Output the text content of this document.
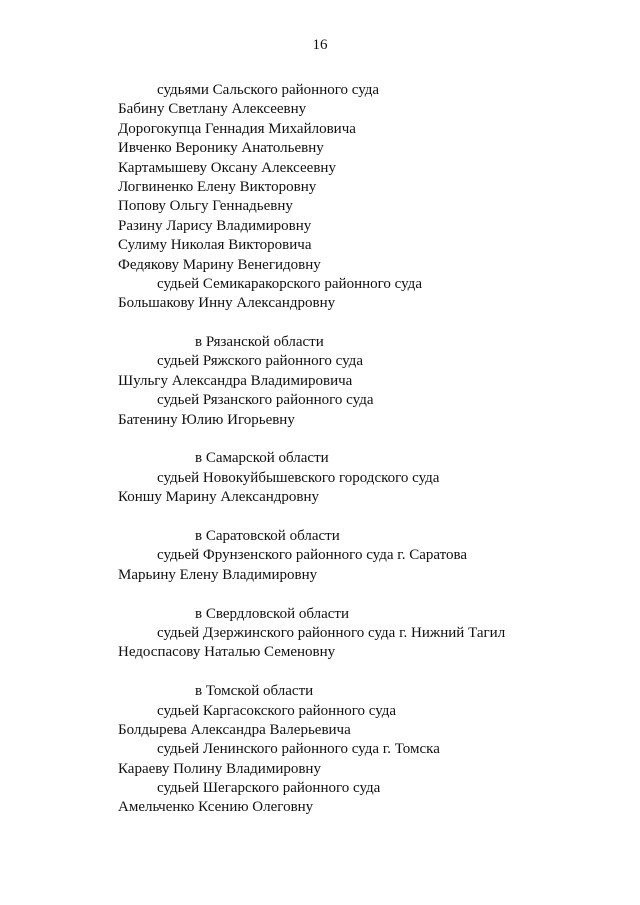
16
судьями Сальского районного суда
Бабину Светлану Алексеевну
Дорогокупца Геннадия Михайловича
Ивченко Веронику Анатольевну
Картамышеву Оксану Алексеевну
Логвиненко Елену Викторовну
Попову Ольгу Геннадьевну
Разину Ларису Владимировну
Сулиму Николая Викторовича
Федякову Марину Венегидовну
судьей Семикаракорского районного суда
Большакову Инну Александровну
в Рязанской области
судьей Ряжского районного суда
Шульгу Александра Владимировича
судьей Рязанского районного суда
Батенину Юлию Игорьевну
в Самарской области
судьей Новокуйбышевского городского суда
Коншу Марину Александровну
в Саратовской области
судьей Фрунзенского районного суда г. Саратова
Марьину Елену Владимировну
в Свердловской области
судьей Дзержинского районного суда г. Нижний Тагил
Недоспасову Наталью Семеновну
в Томской области
судьей Каргасокского районного суда
Болдырева Александра Валерьевича
судьей Ленинского районного суда г. Томска
Караеву Полину Владимировну
судьей Шегарского районного суда
Амельченко Ксению Олеговну
